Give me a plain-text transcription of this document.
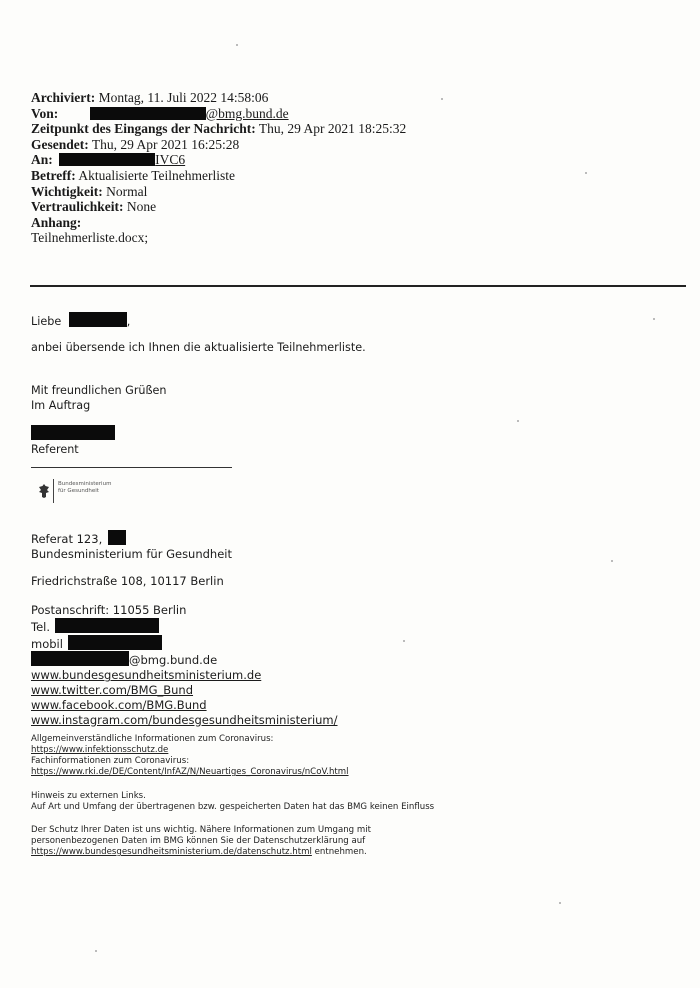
Archiviert: Montag, 11. Juli 2022 14:58:06
Von:	@bmg.bund.de
Zeitpunkt des Eingangs der Nachricht: Thu, 29 Apr 2021 18:25:32
Gesendet: Thu, 29 Apr 2021 16:25:28
An:	IVC6
Betreff: Aktualisierte Teilnehmerliste
Wichtigkeit: Normal
Vertraulichkeit: None
Anhang:
Teilnehmerliste.docx;
Liebe	,
anbei übersende ich Ihnen die aktualisierte Teilnehmerliste.
Mit freundlichen Grüßen
Im Auftrag
Referent
Bundesministerium
für Gesundheit
Referat 123,
Bundesministerium für Gesundheit
Friedrichstraße 108, 10117 Berlin
Postanschrift: 11055 Berlin
Tel.
mobil
@bmg.bund.de
www.bundesgesundheitsministerium.de
www.twitter.com/BMG_Bund
www.facebook.com/BMG.Bund
www.instagram.com/bundesgesundheitsministerium/
Allgemeinverständliche Informationen zum Coronavirus:
https://www.infektionsschutz.de
Fachinformationen zum Coronavirus:
https://www.rki.de/DE/Content/InfAZ/N/Neuartiges_Coronavirus/nCoV.html
Hinweis zu externen Links.
Auf Art und Umfang der übertragenen bzw. gespeicherten Daten hat das BMG keinen Einfluss
Der Schutz Ihrer Daten ist uns wichtig. Nähere Informationen zum Umgang mit
personenbezogenen Daten im BMG können Sie der Datenschutzerklärung auf
https://www.bundesgesundheitsministerium.de/datenschutz.html entnehmen.
